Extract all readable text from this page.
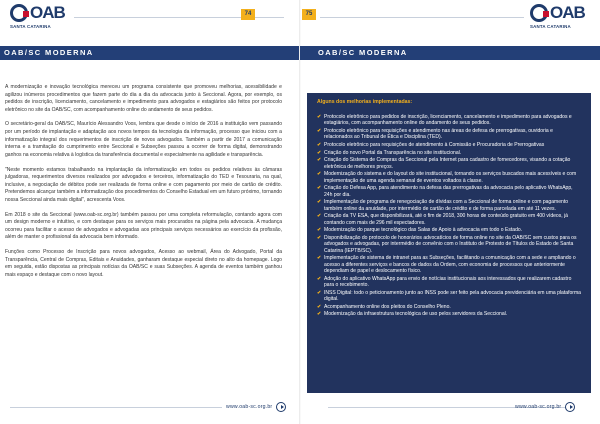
OAB
SANTA CATARINA
74
OAB/SC MODERNA

A modernização e inovação tecnológica mereceu um programa consistente que promoveu melhorias, acessibilidade e agilizou inúmeros procedimentos que fazem parte do dia a dia da advocacia junto à Seccional. Agora, por exemplo, os pedidos de inscrição, licenciamento, cancelamento e impedimento para advogados e estagiários são feitos por protocolo eletrônico no site da OAB/SC, com acompanhamento online do andamento de seus pedidos.

O secretário-geral da OAB/SC, Maurício Alessandro Voos, lembra que desde o início de 2016 a instituição vem passando por um período de implantação e adaptação aos novos tempos da tecnologia da informação, processo que iniciou com a informatização integral dos requerimentos de inscrição de novos advogados. Também a partir de 2017 a comunicação interna e a tramitação do cumprimento entre Seccional e Subseções passou a ocorrer de forma digital, demonstrando ganhos na economia relativa à logística da transferência documental e especialmente na agilidade e transparência.

"Neste momento estamos trabalhando na implantação da informatização em todos os pedidos relativos às câmaras julgadoras, requerimentos diversos realizados por advogados e terceiros, informatização do TED e Tesouraria, na qual, inclusive, a negociação de débitos pode ser realizada de forma online e com pagamento por meio de cartão de crédito. Pretendemos alcançar também a informatização dos procedimentos do Conselho Estadual em um futuro próximo, tornando nossa Seccional ainda mais digital", acrescenta Voos.

Em 2018 o site da Seccional (www.oab-sc.org.br) também passou por uma completa reformulação, contando agora com um design moderno e intuitivo, e com destaque para os serviços mais procurados na página pela advocacia. A mudança ocorreu para facilitar o acesso de advogados e advogadas aos principais serviços necessários ao exercício da profissão, além de manter o profissional da advocacia bem informado.

Funções como Processo de Inscrição para novos advogados, Acesso ao webmail, Área do Advogado, Portal da Transparência, Central de Compras, Editais e Anuidades, ganharam destaque especial direto no alto da homepage. Logo em seguida, estão dispostas as principais notícias da OAB/SC e suas Subseções. A agenda de eventos também ganhou mais espaço e destaque com o novo layout.

www.oab-sc.org.br
75	OAB
SANTA CATARINA
OAB/SC MODERNA
www.oab-sc.org.br
Alguns dos melhorias implementadas:
✔ Protocolo eletrônico para pedidos de inscrição, licenciamento, cancelamento e impedimento para advogados e estagiários, com acompanhamento online do andamento de seus pedidos.
✔ Protocolo eletrônico para requisições e atendimento nas áreas de defesa de prerrogativas, ouvidoria e relacionados ao Tribunal de Ética e Disciplina (TED).
✔ Protocolo eletrônico para requisições de atendimento à Comissão e Procuradoria de Prerrogativas
✔ Criação do novo Portal da Transparência no site institucional.
✔ Criação do Sistema de Compras da Seccional pela Internet para cadastro de fornecedores, visando a cotação eletrônica de melhores preços.
✔ Modernização do sistema e do layout do site institucional, tornando os serviços buscados mais acessíveis e com implementação de uma agenda semanal de eventos voltados à classe.
✔ Criação do Defesa App, para atendimento na defesa das prerrogativas da advocacia pelo aplicativo WhatsApp, 24h por dia.
✔ Implementação de programa de renegociação de dívidas com a Seccional de forma online e com pagamento também online da anuidade, por intermédio de cartão de crédito e de forma parcelada em até 11 vezes.
✔ Criação da TV ESA, que disponibilizará, até o fim de 2018, 300 horas de conteúdo gratuito em 400 vídeos, já contando com mais de 296 mil espectadores.
✔ Modernização do parque tecnológico das Salas de Apoio à advocacia em todo o Estado.
✔ Disponibilização do protocolo de honorários advocatícios de forma online no site da OAB/SC sem custos para os advogados e advogadas, por intermédio de convênio com o Instituto de Protesto de Títulos do Estado de Santa Catarina (IEPTB/SC).
✔ Implementação de sistema de intranet para as Subseções, facilitando a comunicação com a sede e ampliando o acesso a diferentes serviços e bancos de dados da Ordem, com economia de processos que anteriormente dependiam de papel e deslocamento físico.
✔ Adoção do aplicativo WhatsApp para envio de notícias institucionais aos interessados que realizarem cadastro para o recebimento.
✔ INSS Digital: todo o peticionamento junto ao INSS pode ser feito pela advocacia previdenciária em uma plataforma digital.
✔ Acompanhamento online dos pleitos do Conselho Pleno.
✔ Modernização da infraestrutura tecnológica de uso pelos servidores da Seccional.
